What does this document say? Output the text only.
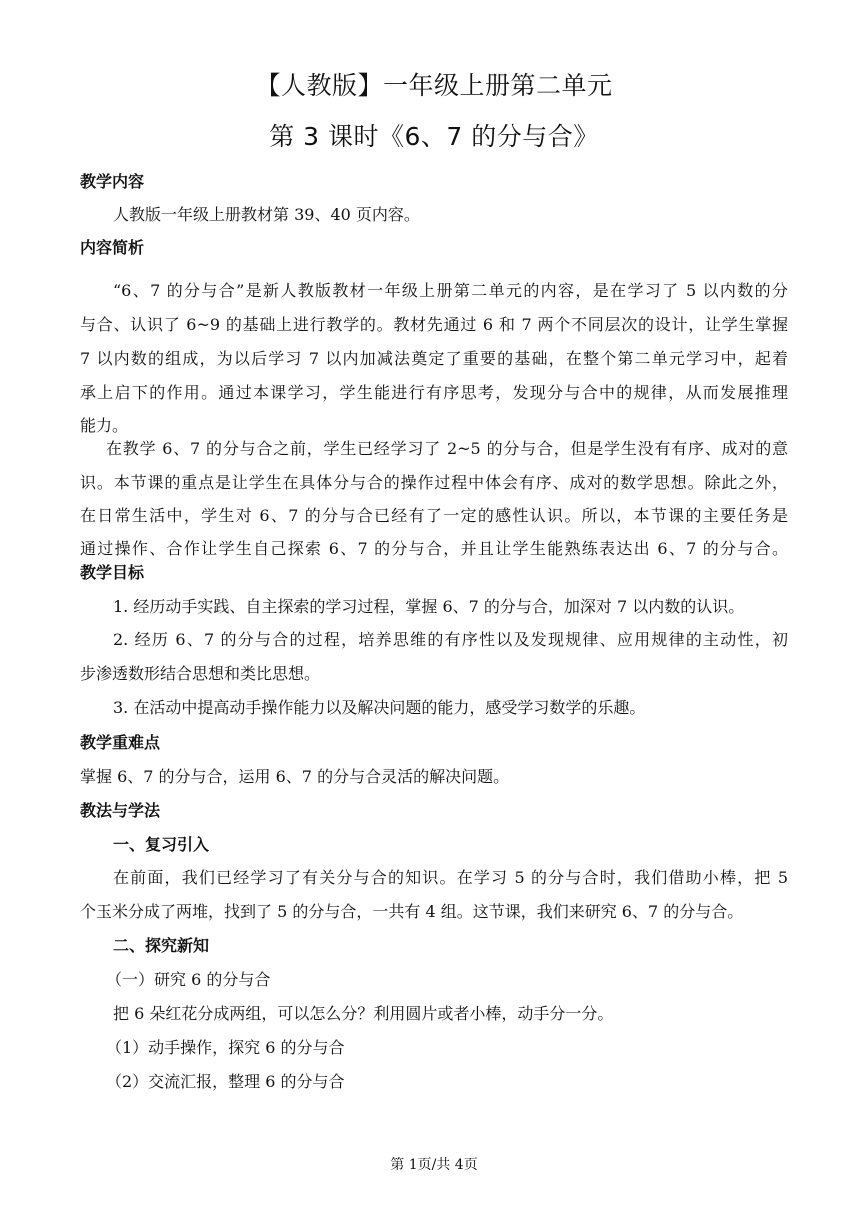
【人教版】一年级上册第二单元
第 3 课时《6、7 的分与合》
教学内容
人教版一年级上册教材第 39、40 页内容。
内容简析
“6、7 的分与合”是新人教版教材一年级上册第二单元的内容，是在学习了 5 以内数的分
与合、认识了 6~9 的基础上进行教学的。教材先通过 6 和 7 两个不同层次的设计，让学生掌握
7 以内数的组成，为以后学习 7 以内加减法奠定了重要的基础，在整个第二单元学习中，起着
承上启下的作用。通过本课学习，学生能进行有序思考，发现分与合中的规律，从而发展推理
能力。
在教学 6、7 的分与合之前，学生已经学习了 2~5 的分与合，但是学生没有有序、成对的意
识。本节课的重点是让学生在具体分与合的操作过程中体会有序、成对的数学思想。除此之外，
在日常生活中，学生对 6、7 的分与合已经有了一定的感性认识。所以，本节课的主要任务是
通过操作、合作让学生自己探索 6、7 的分与合，并且让学生能熟练表达出 6、7 的分与合。
教学目标
1. 经历动手实践、自主探索的学习过程，掌握 6、7 的分与合，加深对 7 以内数的认识。
2. 经历 6、7 的分与合的过程，培养思维的有序性以及发现规律、应用规律的主动性，初
步渗透数形结合思想和类比思想。
3. 在活动中提高动手操作能力以及解决问题的能力，感受学习数学的乐趣。
教学重难点
掌握 6、7 的分与合，运用 6、7 的分与合灵活的解决问题。
教法与学法
一、复习引入
在前面，我们已经学习了有关分与合的知识。在学习 5 的分与合时，我们借助小棒，把 5
个玉米分成了两堆，找到了 5 的分与合，一共有 4 组。这节课，我们来研究 6、7 的分与合。
二、探究新知
（一）研究 6 的分与合
把 6 朵红花分成两组，可以怎么分？利用圆片或者小棒，动手分一分。
（1）动手操作，探究 6 的分与合
（2）交流汇报，整理 6 的分与合
第 1页/共 4页
